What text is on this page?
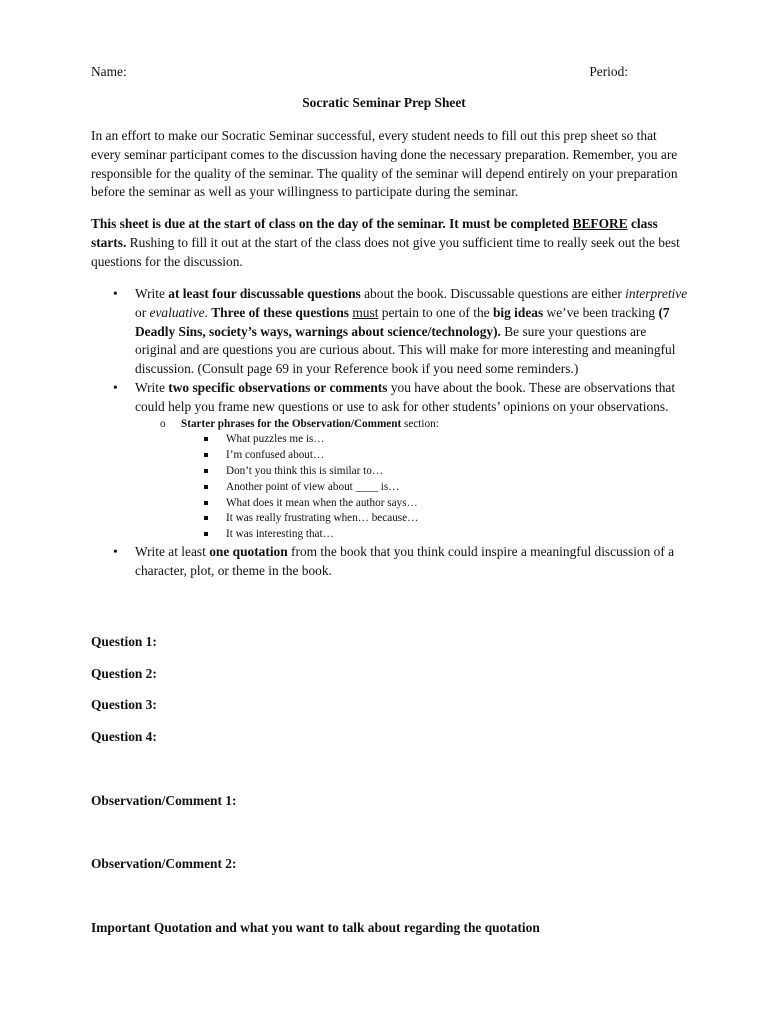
Name:	Period:
Socratic Seminar Prep Sheet

In an effort to make our Socratic Seminar successful, every student needs to fill out this prep sheet so that every seminar participant comes to the discussion having done the necessary preparation. Remember, you are responsible for the quality of the seminar. The quality of the seminar will depend entirely on your preparation before the seminar as well as your willingness to participate during the seminar.

This sheet is due at the start of class on the day of the seminar. It must be completed BEFORE class starts. Rushing to fill it out at the start of the class does not give you sufficient time to really seek out the best questions for the discussion.

• Write at least four discussable questions about the book. Discussable questions are either interpretive or evaluative. Three of these questions must pertain to one of the big ideas we’ve been tracking (7 Deadly Sins, society’s ways, warnings about science/technology). Be sure your questions are original and are questions you are curious about. This will make for more interesting and meaningful discussion. (Consult page 69 in your Reference book if you need some reminders.)
• Write two specific observations or comments you have about the book. These are observations that could help you frame new questions or use to ask for other students’ opinions on your observations.
o Starter phrases for the Observation/Comment section:
What puzzles me is…
I’m confused about…
Don’t you think this is similar to…
Another point of view about ____ is…
What does it mean when the author says…
It was really frustrating when… because…
It was interesting that…
• Write at least one quotation from the book that you think could inspire a meaningful discussion of a character, plot, or theme in the book.
Question 1:
Question 2:
Question 3:
Question 4:
Observation/Comment 1:
Observation/Comment 2:
Important Quotation and what you want to talk about regarding the quotation
